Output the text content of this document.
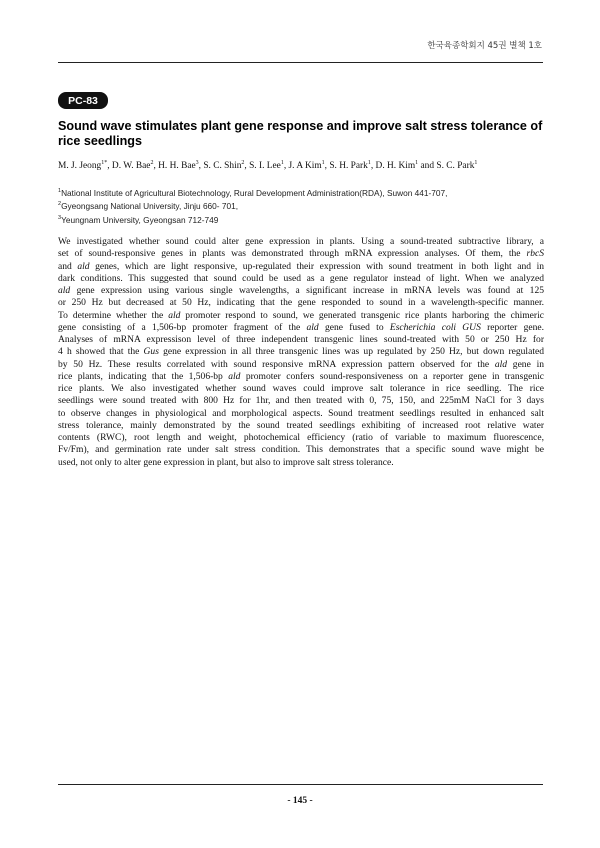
한국육종학회지 45권 별책 1호
PC-83
Sound wave stimulates plant gene response and improve salt stress tolerance of
rice seedlings
M. J. Jeong$^{1*}$, D. W. Bae$^2$, H. H. Bae$^3$, S. C. Shin$^2$, S. I. Lee$^1$, J. A Kim$^1$, S. H. Park$^1$, D. H. Kim$^1$ and S. C. Park$^1$
$^1$National Institute of Agricultural Biotechnology, Rural Development Administration(RDA), Suwon 441-707,
$^2$Gyeongsang National University, Jinju 660- 701,
$^3$Yeungnam University, Gyeongsan 712-749
We investigated whether sound could alter gene expression in plants. Using a sound-treated subtractive library, a
set of sound-responsive genes in plants was demonstrated through mRNA expression analyses. Of them, the rbcS
and ald genes, which are light responsive, up-regulated their expression with sound treatment in both light and in
dark conditions. This suggested that sound could be used as a gene regulator instead of light. When we analyzed
ald gene expression using various single wavelengths, a significant increase in mRNA levels was found at 125
or 250 Hz but decreased at 50 Hz, indicating that the gene responded to sound in a wavelength-specific manner.
To determine whether the ald promoter respond to sound, we generated transgenic rice plants harboring the chimeric
gene consisting of a 1,506-bp promoter fragment of the ald gene fused to Escherichia coli GUS reporter gene.
Analyses of mRNA expressison level of three independent transgenic lines sound-treated with 50 or 250 Hz for
4 h showed that the Gus gene expression in all three transgenic lines was up regulated by 250 Hz, but down regulated
by 50 Hz. These results correlated with sound responsive mRNA expression pattern observed for the ald gene in
rice plants, indicating that the 1,506-bp ald promoter confers sound-responsiveness on a reporter gene in transgenic
rice plants. We also investigated whether sound waves could improve salt tolerance in rice seedling. The rice
seedlings were sound treated with 800 Hz for 1hr, and then treated with 0, 75, 150, and 225mM NaCl for 3 days
to observe changes in physiological and morphological aspects. Sound treatment seedlings resulted in enhanced salt
stress tolerance, mainly demonstrated by the sound treated seedlings exhibiting of increased root relative water
contents (RWC), root length and weight, photochemical efficiency (ratio of variable to maximum fluorescence,
Fv/Fm), and germination rate under salt stress condition. This demonstrates that a specific sound wave might be
used, not only to alter gene expression in plant, but also to improve salt stress tolerance.
- 145 -
